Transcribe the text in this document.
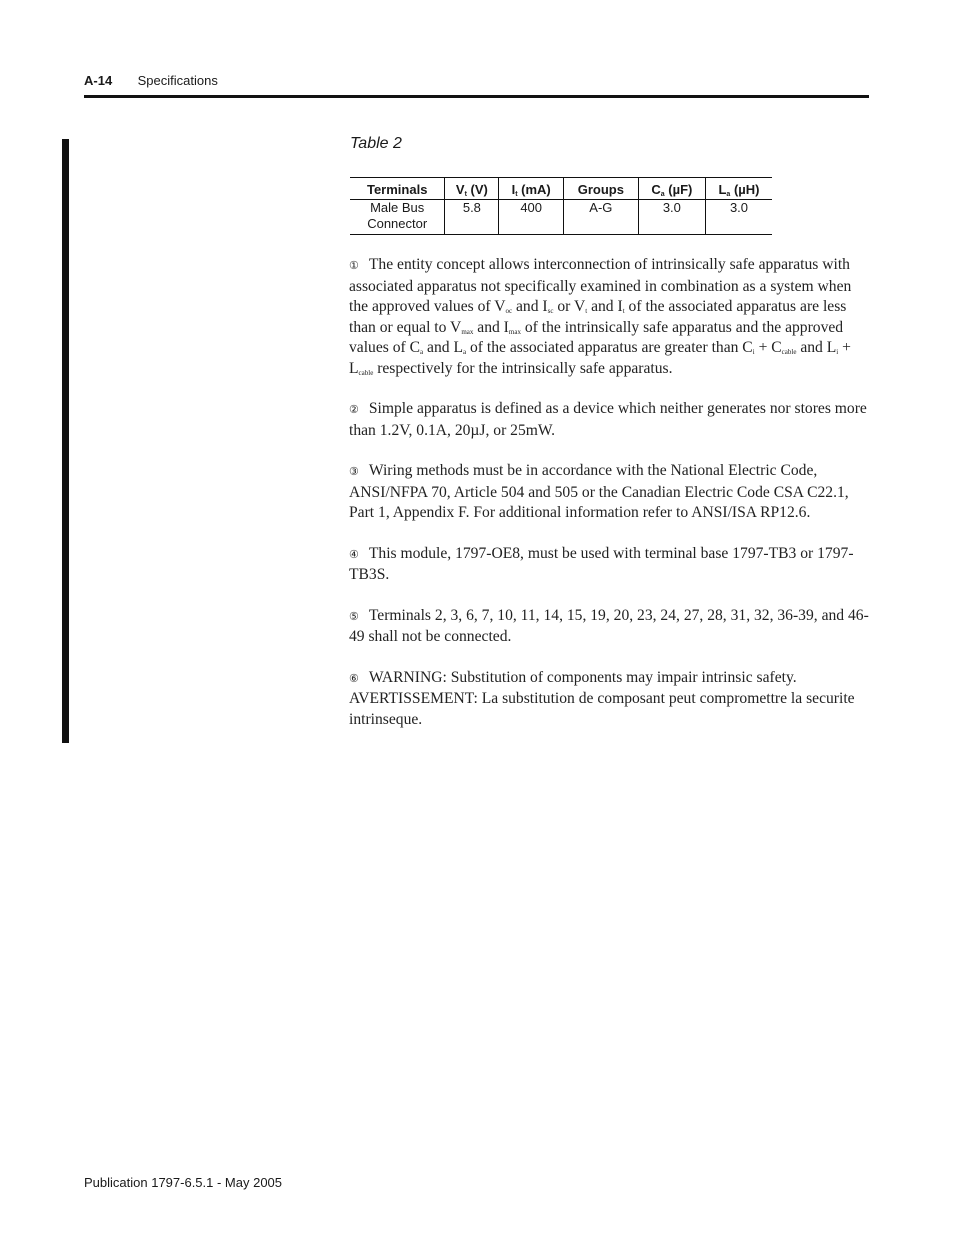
A-14 Specifications
Table 2
Terminals	$V_t$ (V)	$I_t$ (mA)	Groups	$C_a$ (µF)	$L_a$ (µH)
Male Bus
Connector	5.8	400	A-G	3.0	3.0

① The entity concept allows interconnection of intrinsically safe apparatus with associated apparatus not specifically examined in combination as a system when the approved values of $V_{oc}$ and $I_{sc}$ or $V_t$ and $I_t$ of the associated apparatus are less than or equal to $V_{max}$ and $I_{max}$ of the intrinsically safe apparatus and the approved values of $C_a$ and $L_a$ of the associated apparatus are greater than $C_i + C_{cable}$ and $L_i + L_{cable}$ respectively for the intrinsically safe apparatus.

② Simple apparatus is defined as a device which neither generates nor stores more than 1.2V, 0.1A, 20µJ, or 25mW.

③ Wiring methods must be in accordance with the National Electric Code, ANSI/NFPA 70, Article 504 and 505 or the Canadian Electric Code CSA C22.1, Part 1, Appendix F. For additional information refer to ANSI/ISA RP12.6.

④ This module, 1797-OE8, must be used with terminal base 1797-TB3 or 1797-TB3S.

⑤ Terminals 2, 3, 6, 7, 10, 11, 14, 15, 19, 20, 23, 24, 27, 28, 31, 32, 36-39, and 46-49 shall not be connected.

⑥ WARNING: Substitution of components may impair intrinsic safety. AVERTISSEMENT: La substitution de composant peut compromettre la securite intrinseque.

Publication 1797-6.5.1 - May 2005
